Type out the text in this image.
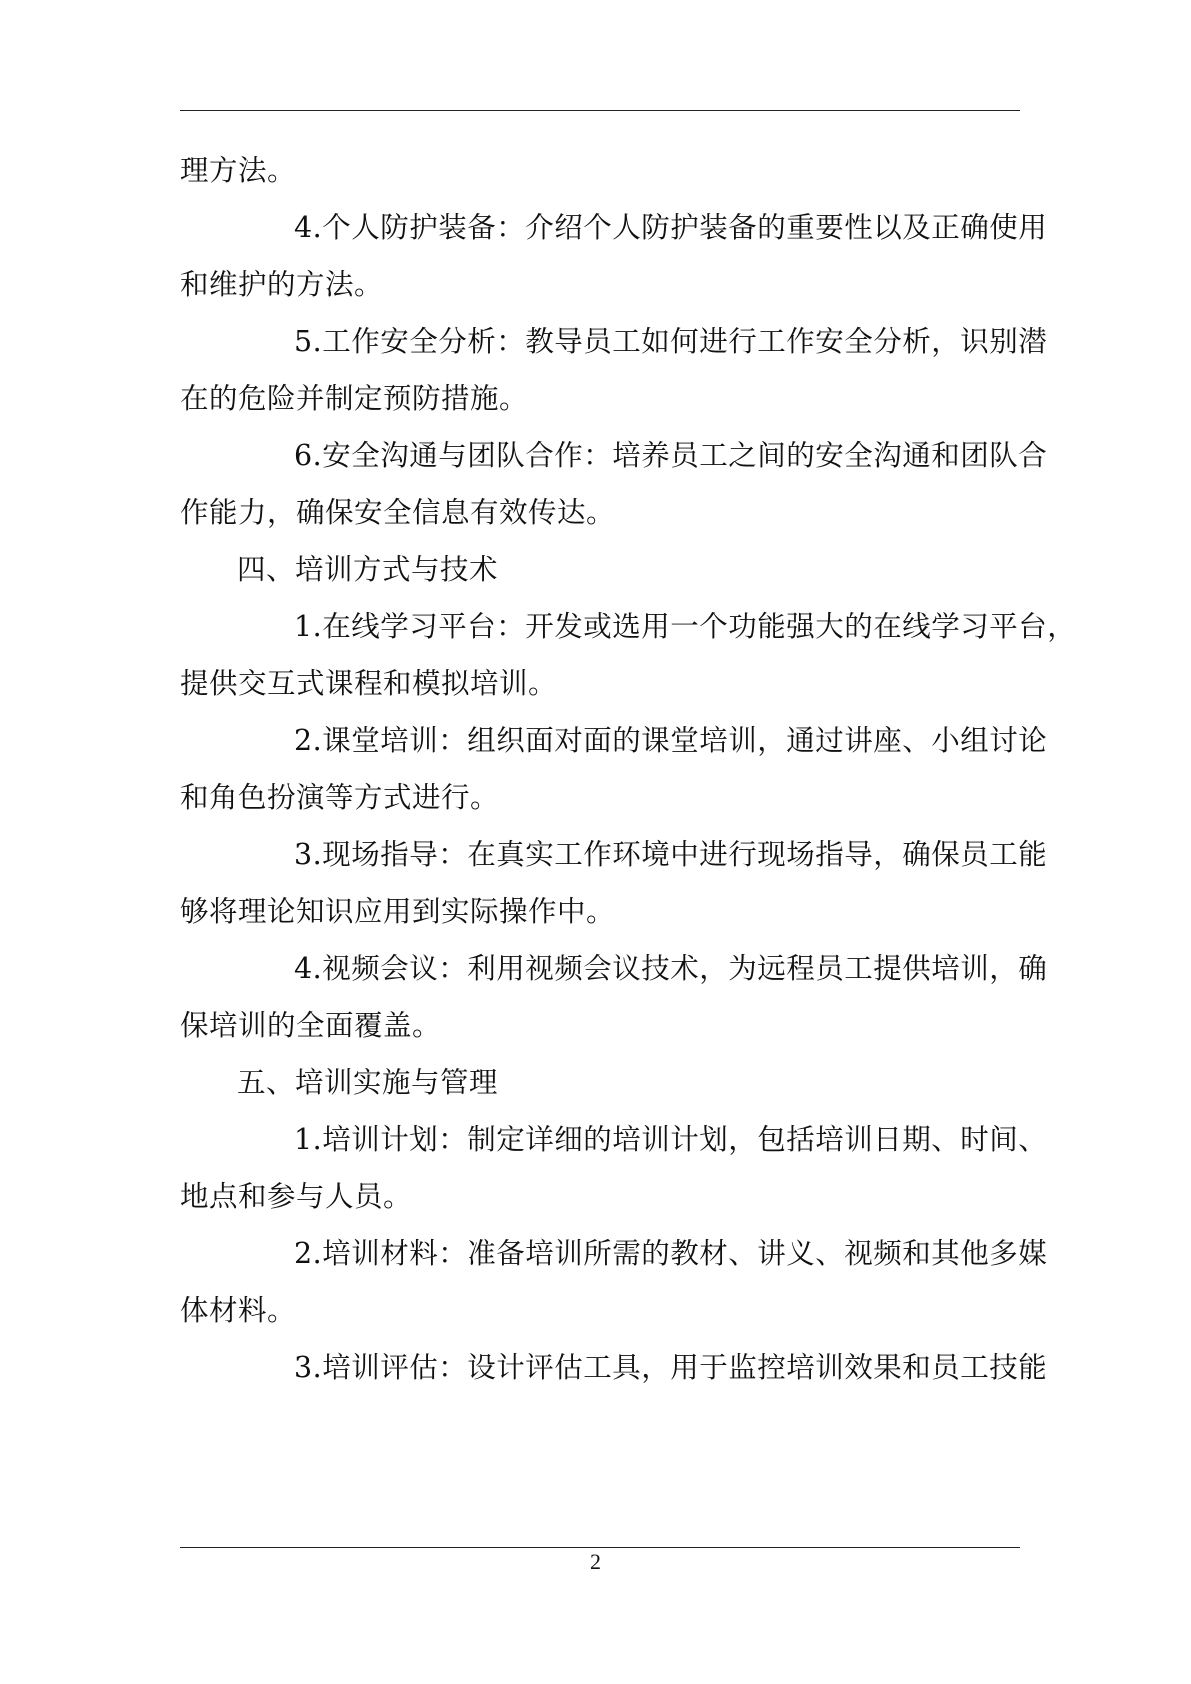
理方法。
4.个人防护装备：介绍个人防护装备的重要性以及正确使用
和维护的方法。
5.工作安全分析：教导员工如何进行工作安全分析，识别潜
在的危险并制定预防措施。
6.安全沟通与团队合作：培养员工之间的安全沟通和团队合
作能力，确保安全信息有效传达。
四、培训方式与技术
1.在线学习平台：开发或选用一个功能强大的在线学习平台，
提供交互式课程和模拟培训。
2.课堂培训：组织面对面的课堂培训，通过讲座、小组讨论
和角色扮演等方式进行。
3.现场指导：在真实工作环境中进行现场指导，确保员工能
够将理论知识应用到实际操作中。
4.视频会议：利用视频会议技术，为远程员工提供培训，确
保培训的全面覆盖。
五、培训实施与管理
1.培训计划：制定详细的培训计划，包括培训日期、时间、
地点和参与人员。
2.培训材料：准备培训所需的教材、讲义、视频和其他多媒
体材料。
3.培训评估：设计评估工具，用于监控培训效果和员工技能
2
